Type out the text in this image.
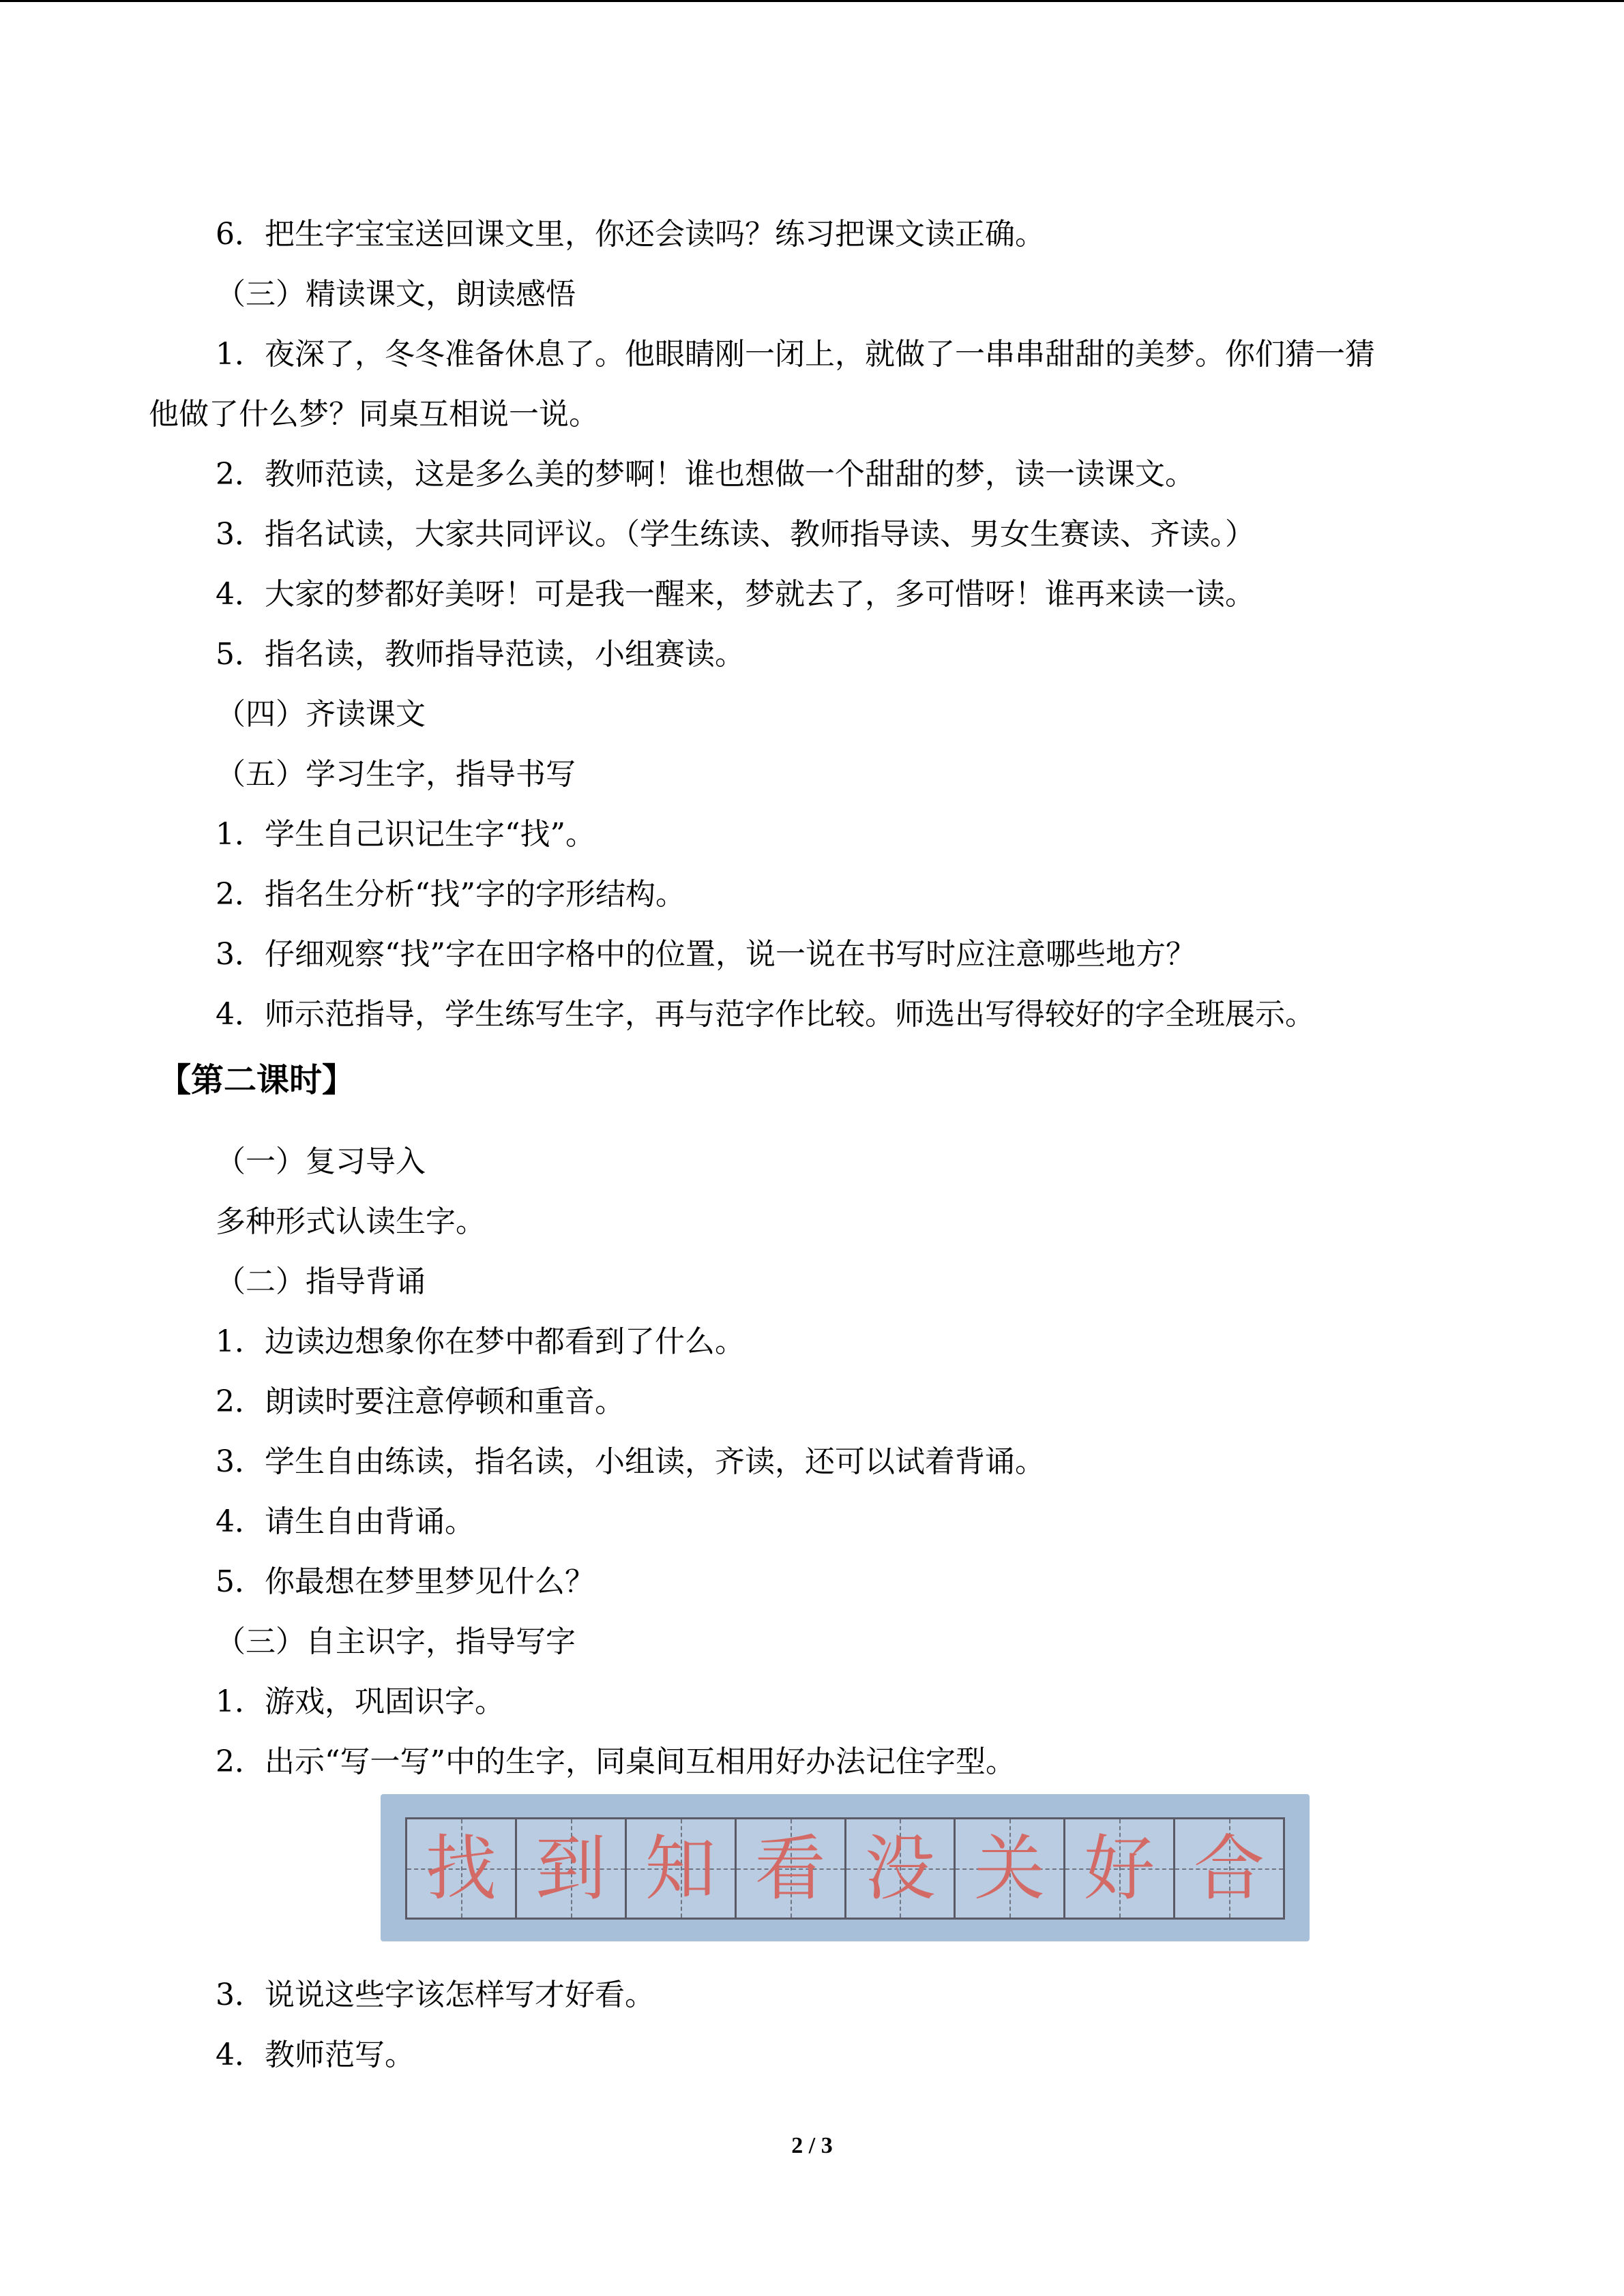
6．把生字宝宝送回课文里，你还会读吗？练习把课文读正确。
（三）精读课文，朗读感悟
1．夜深了，冬冬准备休息了。他眼睛刚一闭上，就做了一串串甜甜的美梦。你们猜一猜
他做了什么梦？同桌互相说一说。
2．教师范读，这是多么美的梦啊！谁也想做一个甜甜的梦，读一读课文。
3．指名试读，大家共同评议。（学生练读、教师指导读、男女生赛读、齐读。）
4．大家的梦都好美呀！可是我一醒来，梦就去了，多可惜呀！谁再来读一读。
5．指名读，教师指导范读，小组赛读。
（四）齐读课文
（五）学习生字，指导书写
1．学生自己识记生字“找”。
2．指名生分析“找”字的字形结构。
3．仔细观察“找”字在田字格中的位置，说一说在书写时应注意哪些地方？
4．师示范指导，学生练写生字，再与范字作比较。师选出写得较好的字全班展示。
【第二课时】
（一）复习导入
多种形式认读生字。
（二）指导背诵
1．边读边想象你在梦中都看到了什么。
2．朗读时要注意停顿和重音。
3．学生自由练读，指名读，小组读，齐读，还可以试着背诵。
4．请生自由背诵。
5．你最想在梦里梦见什么？
（三）自主识字，指导写字
1．游戏，巩固识字。
2．出示“写一写”中的生字，同桌间互相用好办法记住字型。
找 到 知 看 没 关 好 合
3．说说这些字该怎样写才好看。
4．教师范写。
2 / 3
